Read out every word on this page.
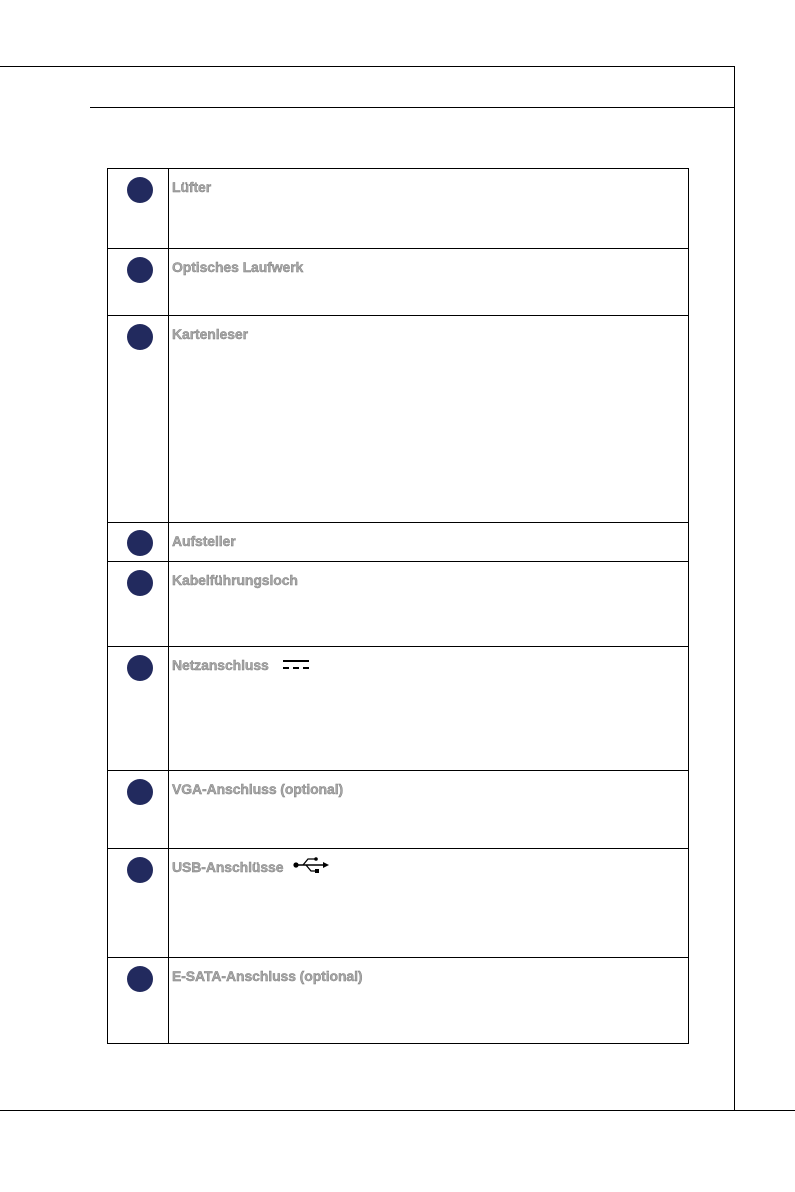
	Lüfter

	Optisches Laufwerk

	Kartenleser

	Aufsteller

	Kabelführungsloch

	Netzanschluss

	VGA-Anschluss (optional)

	USB-Anschlüsse

	E-SATA-Anschluss (optional)
